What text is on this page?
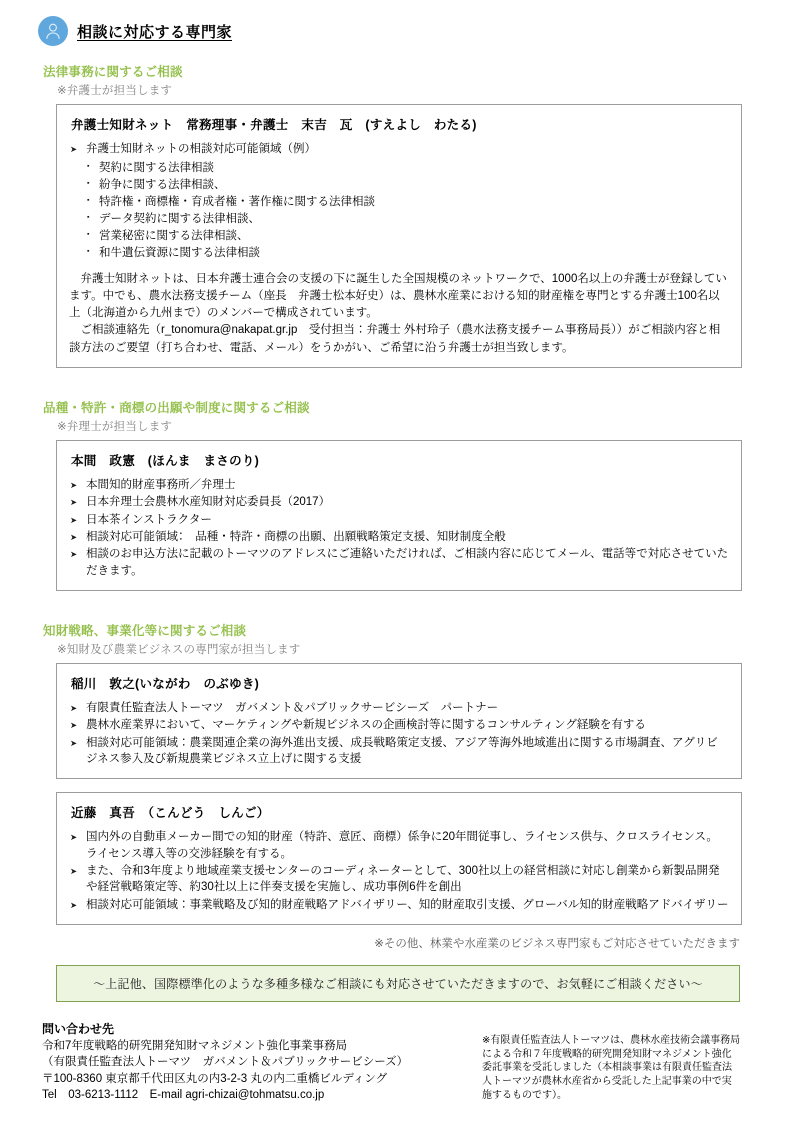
相談に対応する専門家
法律事務に関するご相談
※弁護士が担当します
弁護士知財ネット　常務理事・弁護士　末吉　瓦　(すえよし　わたる)
➤ 弁護士知財ネットの相談対応可能領域（例）
▪ 契約に関する法律相談
▪ 紛争に関する法律相談、
▪ 特許権・商標権・育成者権・著作権に関する法律相談
▪ データ契約に関する法律相談、
▪ 営業秘密に関する法律相談、
▪ 和牛遺伝資源に関する法律相談

弁護士知財ネットは、日本弁護士連合会の支援の下に誕生した全国規模のネットワークで、1000名以上の弁護士が登録しています。中でも、農水法務支援チーム（座長　弁護士松本好史）は、農林水産業における知的財産権を専門とする弁護士100名以上（北海道から九州まで）のメンバーで構成されています。

ご相談連絡先（r_tonomura@nakapat.gr.jp　受付担当：弁護士 外村玲子（農水法務支援チーム事務局長））がご相談内容と相談方法のご要望（打ち合わせ、電話、メール）をうかがい、ご希望に沿う弁護士が担当致します。

品種・特許・商標の出願や制度に関するご相談
※弁理士が担当します
本間　政憲　(ほんま　まさのり)
➤ 本間知的財産事務所／弁理士
➤ 日本弁理士会農林水産知財対応委員長（2017）
➤ 日本茶インストラクター
➤ 相談対応可能領域：　品種・特許・商標の出願、出願戦略策定支援、知財制度全般
➤ 相談のお申込方法に記載のトーマツのアドレスにご連絡いただければ、ご相談内容に応じてメール、電話等で対応させていただきます。
知財戦略、事業化等に関するご相談
※知財及び農業ビジネスの専門家が担当します
稲川　敦之(いながわ　のぶゆき)
➤ 有限責任監査法人トーマツ　ガバメント＆パブリックサービシーズ　パートナー
➤ 農林水産業界において、マーケティングや新規ビジネスの企画検討等に関するコンサルティング経験を有する
➤ 相談対応可能領域：農業関連企業の海外進出支援、成長戦略策定支援、アジア等海外地域進出に関する市場調査、アグリビジネス参入及び新規農業ビジネス立上げに関する支援
近藤　真吾　（こんどう　しんご）
➤ 国内外の自動車メーカー間での知的財産（特許、意匠、商標）係争に20年間従事し、ライセンス供与、クロスライセンス。ライセンス導入等の交渉経験を有する。
➤ また、令和3年度より地域産業支援センターのコーディネーターとして、300社以上の経営相談に対応し創業から新製品開発や経営戦略策定等、約30社以上に伴奏支援を実施し、成功事例6件を創出
➤ 相談対応可能領域：事業戦略及び知的財産戦略アドバイザリー、知的財産取引支援、グローバル知的財産戦略アドバイザリー
※その他、林業や水産業のビジネス専門家もご対応させていただきます
～上記他、国際標準化のような多種多様なご相談にも対応させていただきますので、お気軽にご相談ください～
問い合わせ先
令和7年度戦略的研究開発知財マネジメント強化事業事務局
（有限責任監査法人トーマツ　ガバメント＆パブリックサービシーズ）
〒100-8360 東京都千代田区丸の内3-2-3 丸の内二重橋ビルディング
Tel　03-6213-1112　E-mail agri-chizai@tohmatsu.co.jp
※有限責任監査法人トーマツは、農林水産技術会議事務局
による令和７年度戦略的研究開発知財マネジメント強化
委託事業を受託しました（本相談事業は有限責任監査法
人トーマツが農林水産省から受託した上記事業の中で実
施するものです）。
